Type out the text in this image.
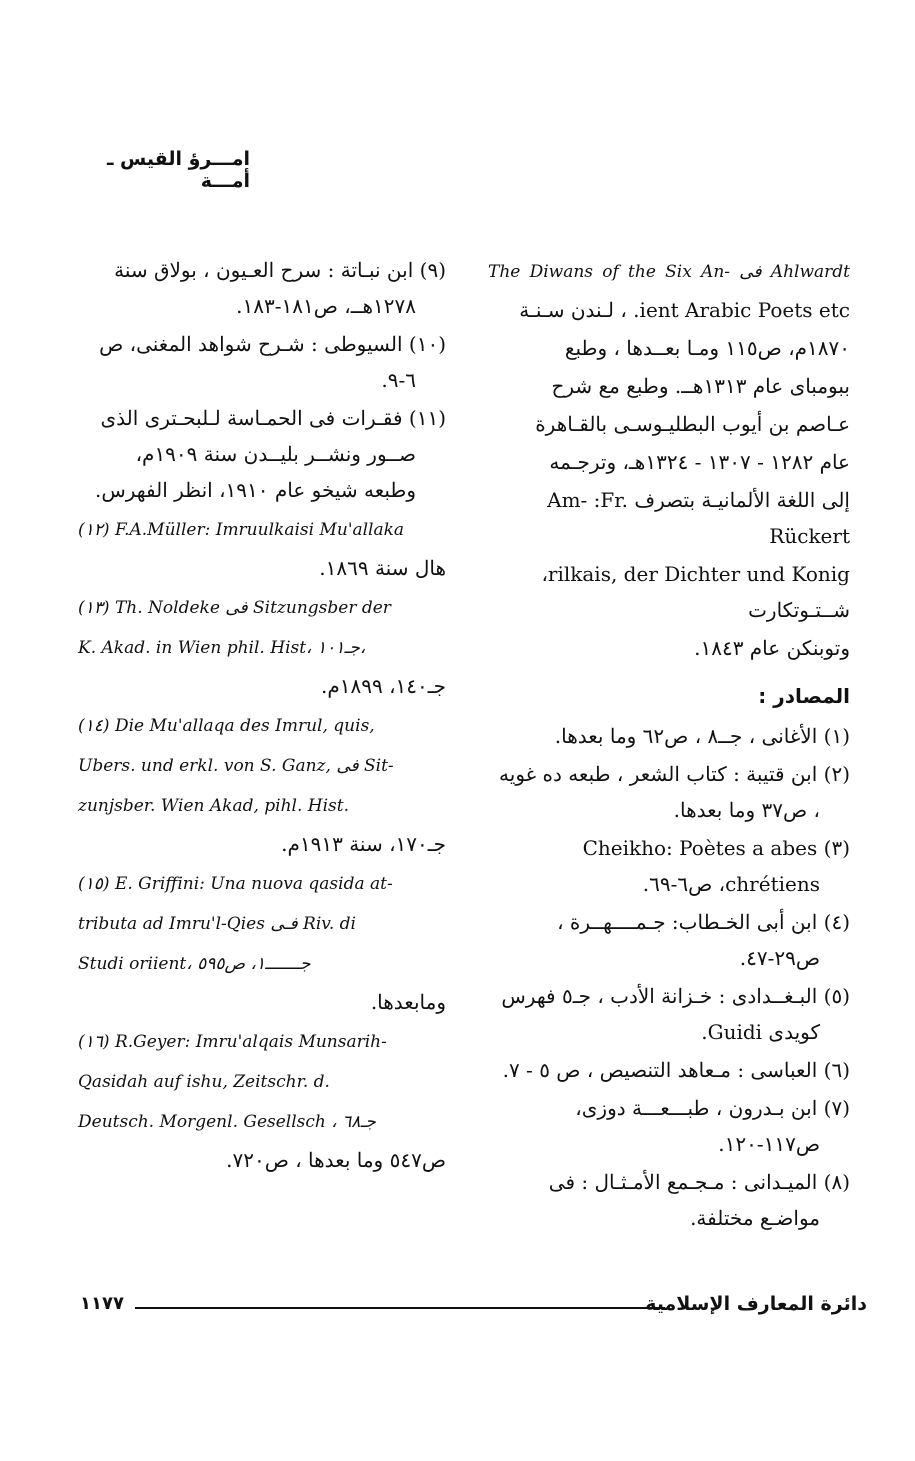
امـــرؤ القيس ـ أمـــة

The Diwans of the Six An- فى Ahlwardt

ient Arabic Poets etc. ، لـندن سـنـة

١٨٧٠م، ص١١٥ ومـا بعــدها ، وطبع

ببومباى عام ١٣١٣هــ. وطبع مع شرح

عـاصم بن أيوب البطليـوسـى بالقـاهرة

عام ١٢٨٢ - ١٣٠٧ - ١٣٢٤هـ، وترجـمه

إلى اللغة الألمانيـة بتصرف Am- :Fr. Rückert

rilkais, der Dichter und Konig، شــتـوتكارت

وتوبنكن عام ١٨٤٣.

المصادر :

(١) الأغانى ، جــ٨ ، ص٦٢ وما بعدها.

(٢) ابن قتيبة : كتاب الشعر ، طبعه ده غويه ، ص٣٧ وما بعدها.

(٣) Cheikho: Poètes a abes chrétiens، ص٦-٦٩.

(٤) ابن أبى الخـطاب: جـمــــهــرة ، ص٢٩-٤٧.

(٥) البـغــدادى : خـزانة الأدب ، جـ٥ فهرس كويدى Guidi.

(٦) العباسى : مـعاهد التنصيص ، ص ٥ - ٧.

(٧) ابن بـدرون ، طبـــعـــة دوزى، ص١١٧-١٢٠.

(٨) الميـدانى : مـجـمع الأمـثـال : فى مواضـع مختلفة.

(٩) ابن نبـاتة : سرح العـيون ، بولاق سنة ١٢٧٨هــ، ص١٨١-١٨٣.

(١٠) السيوطى : شـرح شواهد المغنى، ص ٦-٩.

(١١) فقـرات فى الحمـاسة لـلبحـترى الذى صــور ونشــر بليــدن سنة ١٩٠٩م، وطبعه شيخو عام ١٩١٠، انظر الفهرس.

(١٢) F.A.Müller: Imruulkaisi Mu'allaka

هال سنة ١٨٦٩.

(١٣) Th. Noldeke فى Sitzungsber der

K. Akad. in Wien phil. Hist، جـ١٠١،

جـ١٤٠، ١٨٩٩م.

(١٤) Die Mu'allaqa des Imrul, quis,

Ubers. und erkl. von S. Ganz, فى Sit-

zunjsber. Wien Akad, pihl. Hist.

جـ١٧٠، سنة ١٩١٣م.

(١٥) E. Griffini: Una nuova qasida at-

tributa ad Imru'l-Qies فـى Riv. di

Studi oriient، جـــــــ١، ص٥٩٥

ومابعدها.

(١٦) R.Geyer: Imru'alqais Munsarih-

Qasidah auf ishu, Zeitschr. d.

Deutsch. Morgenl. Gesellsch ، جـ٦٨

ص٥٤٧ وما بعدها ، ص٧٢٠.

دائرة المعارف الإسلامية
١١٧٧
